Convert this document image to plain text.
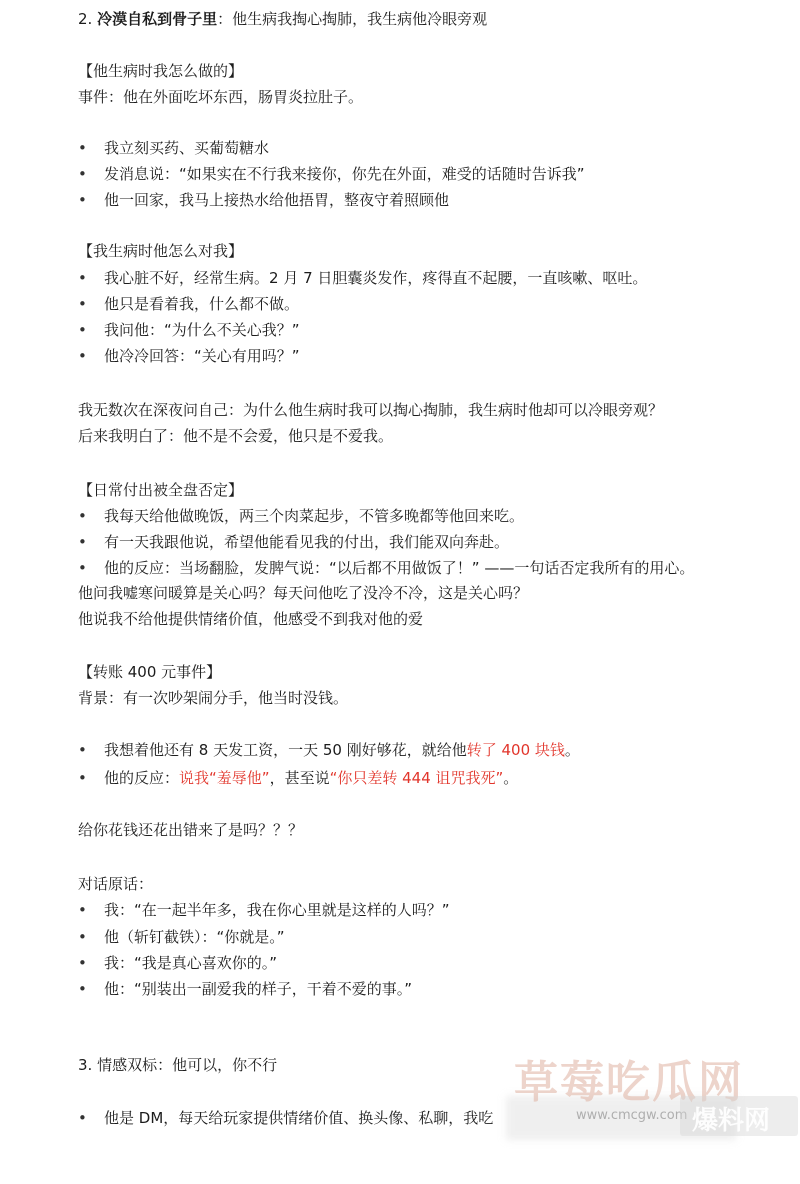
2. 冷漠自私到骨子里：他生病我掏心掏肺，我生病他冷眼旁观
【他生病时我怎么做的】
事件：他在外面吃坏东西，肠胃炎拉肚子。
• 我立刻买药、买葡萄糖水
• 发消息说：“如果实在不行我来接你，你先在外面，难受的话随时告诉我”
• 他一回家，我马上接热水给他捂胃，整夜守着照顾他
【我生病时他怎么对我】
• 我心脏不好，经常生病。2 月 7 日胆囊炎发作，疼得直不起腰，一直咳嗽、呕吐。
• 他只是看着我，什么都不做。
• 我问他：“为什么不关心我？”
• 他冷冷回答：“关心有用吗？”
我无数次在深夜问自己：为什么他生病时我可以掏心掏肺，我生病时他却可以冷眼旁观？
后来我明白了：他不是不会爱，他只是不爱我。
【日常付出被全盘否定】
• 我每天给他做晚饭，两三个肉菜起步，不管多晚都等他回来吃。
• 有一天我跟他说，希望他能看见我的付出，我们能双向奔赴。
• 他的反应：当场翻脸，发脾气说：“以后都不用做饭了！” ——一句话否定我所有的用心。
他问我嘘寒问暖算是关心吗？每天问他吃了没冷不冷，这是关心吗？
他说我不给他提供情绪价值，他感受不到我对他的爱
【转账 400 元事件】
背景：有一次吵架闹分手，他当时没钱。
• 我想着他还有 8 天发工资，一天 50 刚好够花，就给他转了 400 块钱。
• 他的反应：说我“羞辱他”，甚至说“你只差转 444 诅咒我死”。
给你花钱还花出错来了是吗？？？
对话原话：
• 我：“在一起半年多，我在你心里就是这样的人吗？”
• 他（斩钉截铁）：“你就是。”
• 我：“我是真心喜欢你的。”
• 他：“别装出一副爱我的样子，干着不爱的事。”
3. 情感双标：他可以，你不行
• 他是 DM，每天给玩家提供情绪价值、换头像、私聊，我吃
草莓吃瓜网
www.cmcgw.com 爆料网
